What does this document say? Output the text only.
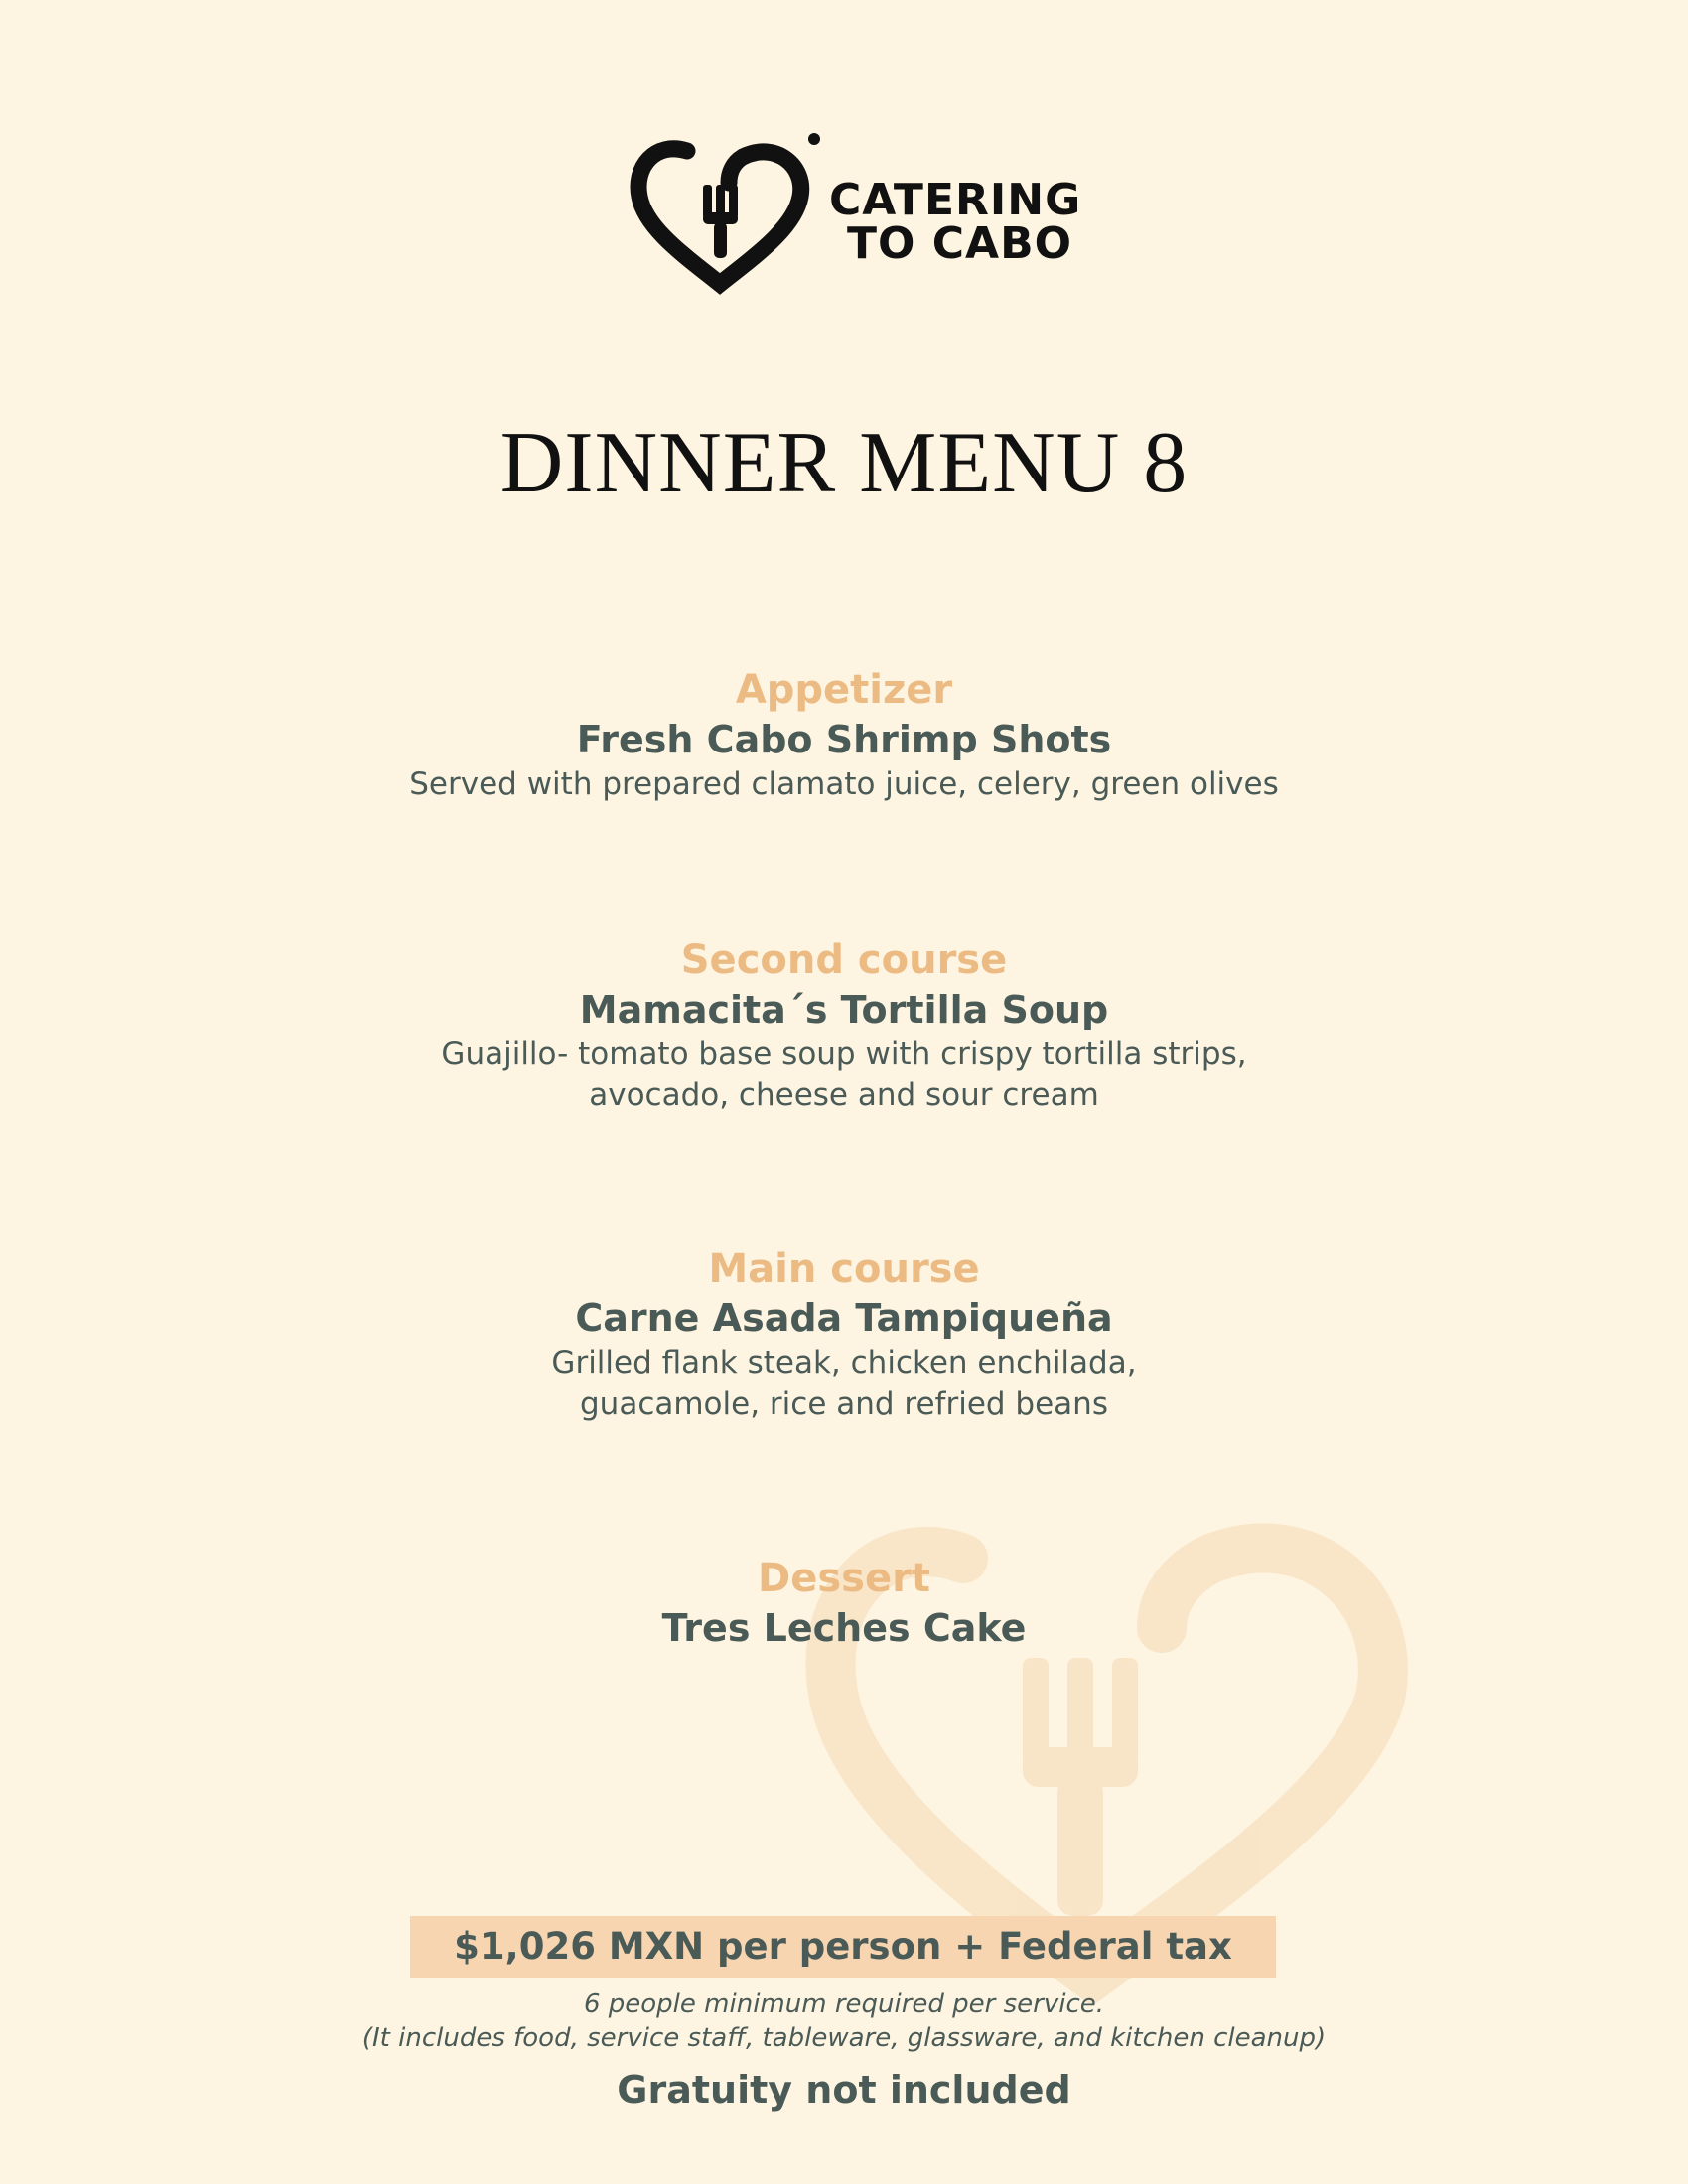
CATERING
TO CABO
DINNER MENU 8
Appetizer
Fresh Cabo Shrimp Shots
Served with prepared clamato juice, celery, green olives
Second course
Mamacita´s Tortilla Soup
Guajillo- tomato base soup with crispy tortilla strips,
avocado, cheese and sour cream
Main course
Carne Asada Tampiqueña
Grilled flank steak, chicken enchilada,
guacamole, rice and refried beans
Dessert
Tres Leches Cake
$1,026 MXN per person + Federal tax
6 people minimum required per service.
(It includes food, service staff, tableware, glassware, and kitchen cleanup)
Gratuity not included
